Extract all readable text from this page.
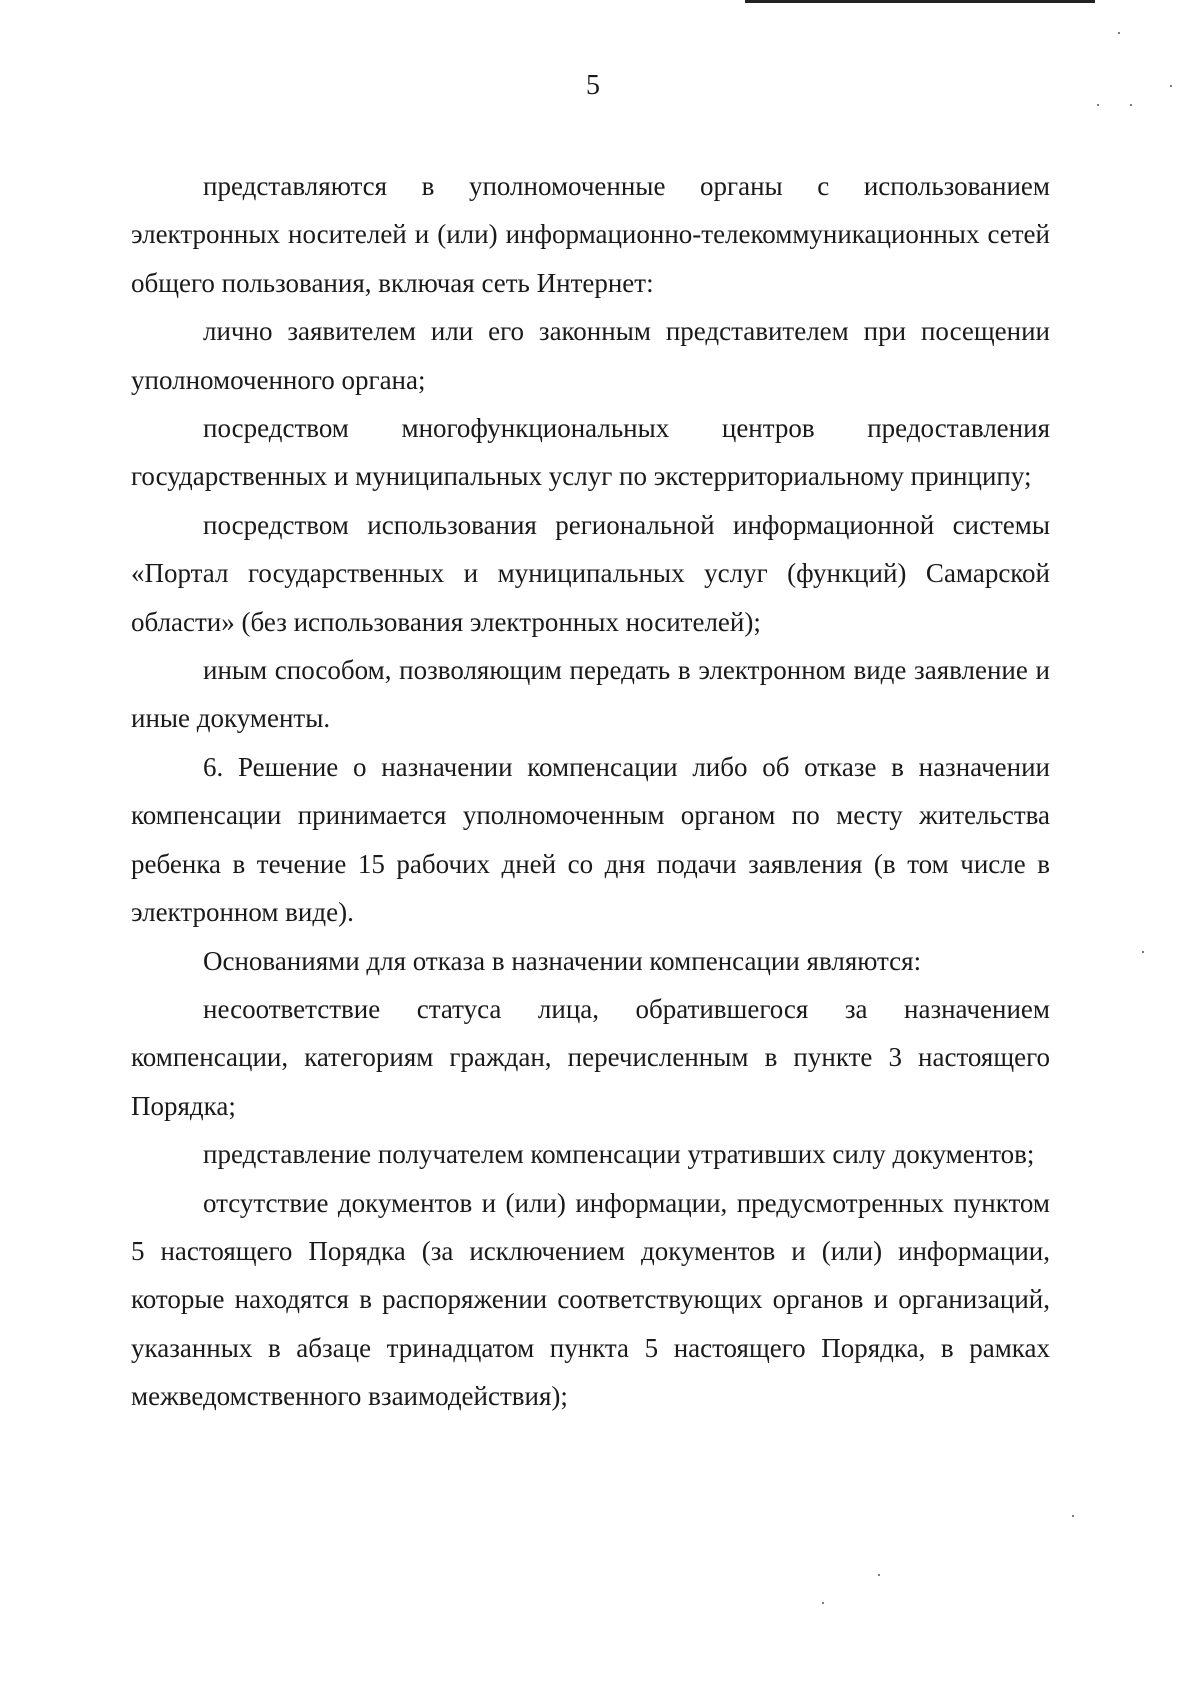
5

представляются в уполномоченные органы с использованием электронных носителей и (или) информационно-телекоммуникационных сетей общего пользования, включая сеть Интернет:

лично заявителем или его законным представителем при посещении уполномоченного органа;

посредством многофункциональных центров предоставления государственных и муниципальных услуг по экстерриториальному принципу;

посредством использования региональной информационной системы «Портал государственных и муниципальных услуг (функций) Самарской области» (без использования электронных носителей);

иным способом, позволяющим передать в электронном виде заявление и иные документы.

6. Решение о назначении компенсации либо об отказе в назначении компенсации принимается уполномоченным органом по месту жительства ребенка в течение 15 рабочих дней со дня подачи заявления (в том числе в электронном виде).

Основаниями для отказа в назначении компенсации являются:

несоответствие статуса лица, обратившегося за назначением компенсации, категориям граждан, перечисленным в пункте 3 настоящего Порядка;

представление получателем компенсации утративших силу документов;

отсутствие документов и (или) информации, предусмотренных пунктом 5 настоящего Порядка (за исключением документов и (или) информации, которые находятся в распоряжении соответствующих органов и организаций, указанных в абзаце тринадцатом пункта 5 настоящего Порядка, в рамках межведомственного взаимодействия);
